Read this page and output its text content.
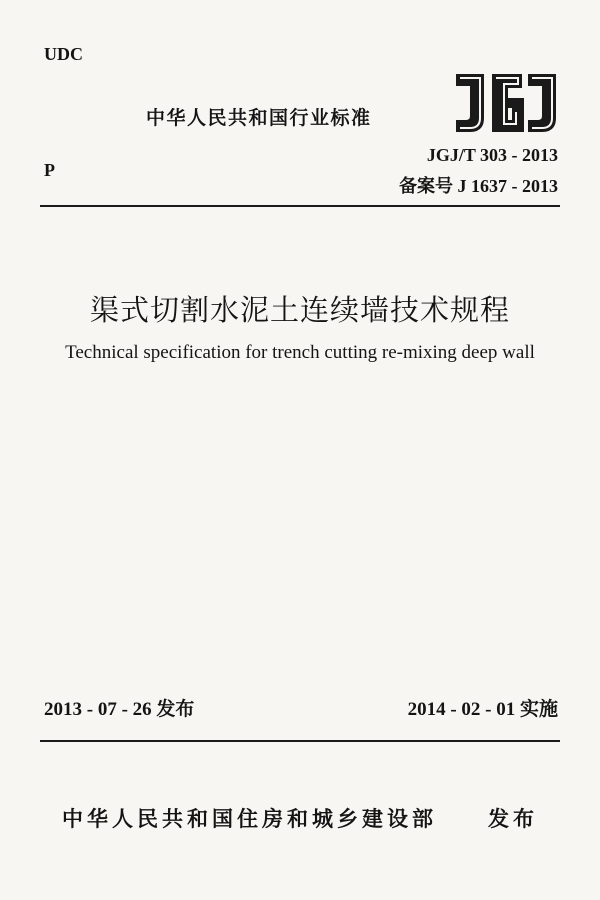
UDC

中华人民共和国行业标准

P

JGJ/T 303 - 2013

备案号 J 1637 - 2013

渠式切割水泥土连续墙技术规程

Technical specification for trench cutting re-mixing deep wall

2013 - 07 - 26 发布	2014 - 02 - 01 实施

中华人民共和国住房和城乡建设部 发布
